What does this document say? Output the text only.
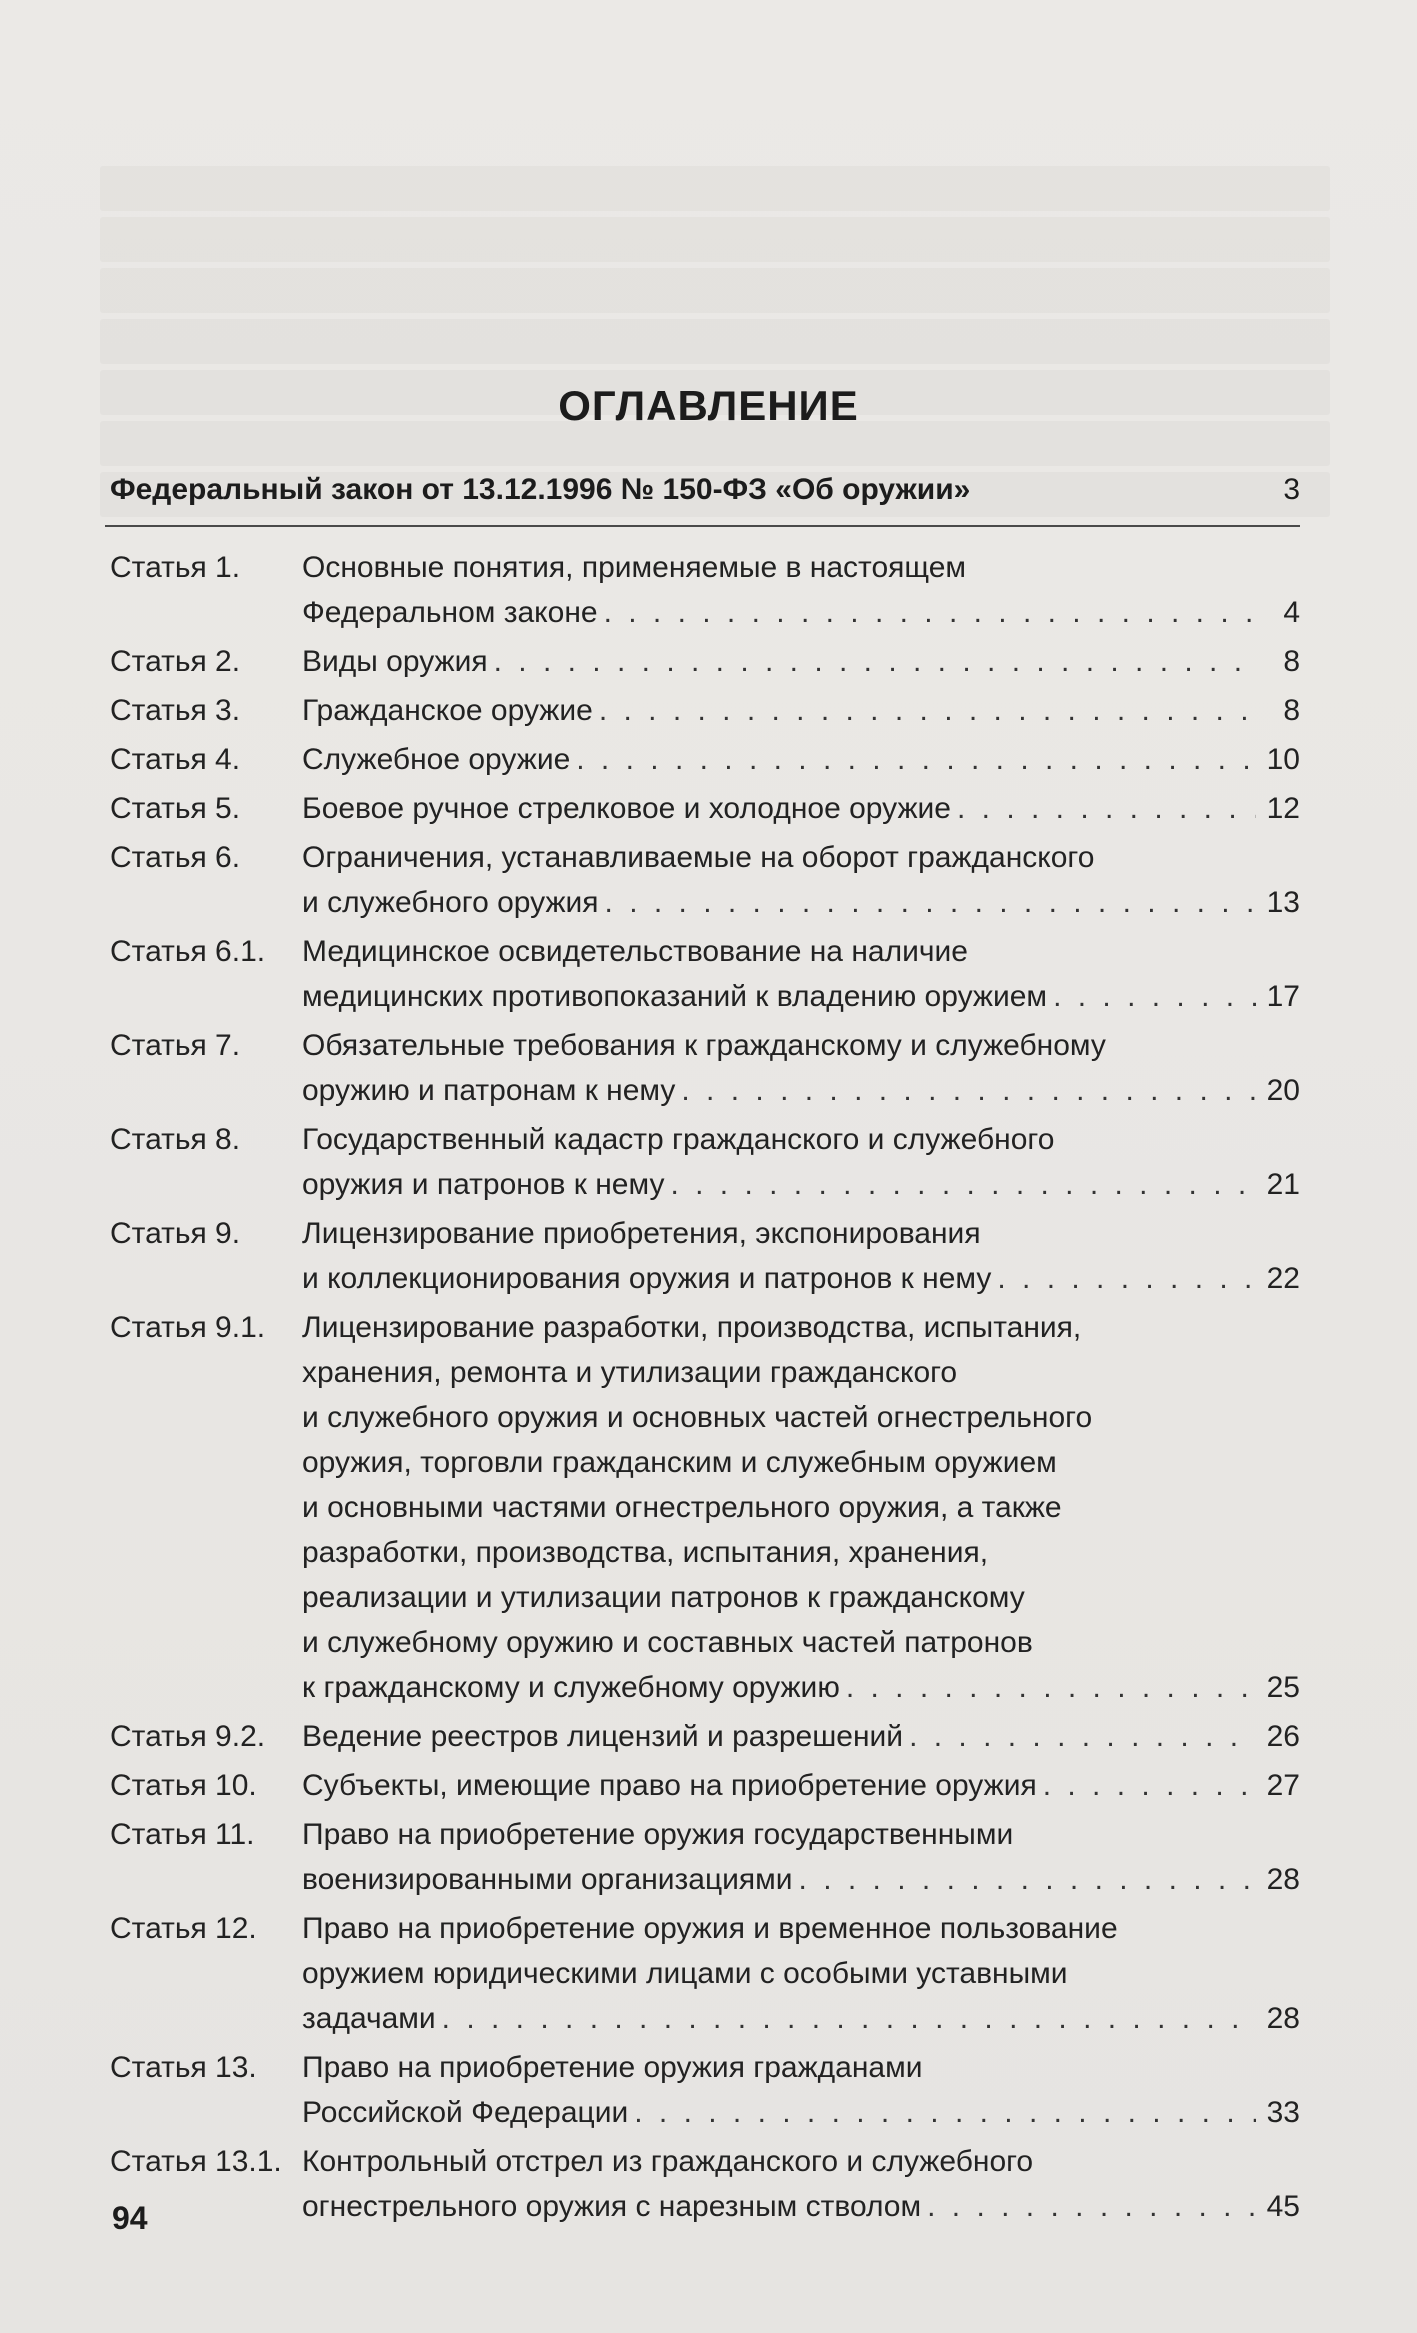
ОГЛАВЛЕНИЕ
Федеральный закон от 13.12.1996 № 150-ФЗ «Об оружии»	3
Статья 1.	Основные понятия, применяемые в настоящем
Федеральном законе . . .	4
Статья 2.	Виды оружия . . .	8
Статья 3.	Гражданское оружие . . .	8
Статья 4.	Служебное оружие . . .	10
Статья 5.	Боевое ручное стрелковое и холодное оружие . . .	12
Статья 6.	Ограничения, устанавливаемые на оборот гражданского
и служебного оружия . . .	13
Статья 6.1.	Медицинское освидетельствование на наличие
медицинских противопоказаний к владению оружием . . .	17
Статья 7.	Обязательные требования к гражданскому и служебному
оружию и патронам к нему . . .	20
Статья 8.	Государственный кадастр гражданского и служебного
оружия и патронов к нему . . .	21
Статья 9.	Лицензирование приобретения, экспонирования
и коллекционирования оружия и патронов к нему . . .	22
Статья 9.1.	Лицензирование разработки, производства, испытания,
хранения, ремонта и утилизации гражданского
и служебного оружия и основных частей огнестрельного
оружия, торговли гражданским и служебным оружием
и основными частями огнестрельного оружия, а также
разработки, производства, испытания, хранения,
реализации и утилизации патронов к гражданскому
и служебному оружию и составных частей патронов
к гражданскому и служебному оружию . . .	25
Статья 9.2.	Ведение реестров лицензий и разрешений . . .	26
Статья 10.	Субъекты, имеющие право на приобретение оружия . . .	27
Статья 11.	Право на приобретение оружия государственными
военизированными организациями . . .	28
Статья 12.	Право на приобретение оружия и временное пользование
оружием юридическими лицами с особыми уставными
задачами . . .	28
Статья 13.	Право на приобретение оружия гражданами
Российской Федерации . . .	33
Статья 13.1. Контрольный отстрел из гражданского и служебного
огнестрельного оружия с нарезным стволом . . .	45
94
